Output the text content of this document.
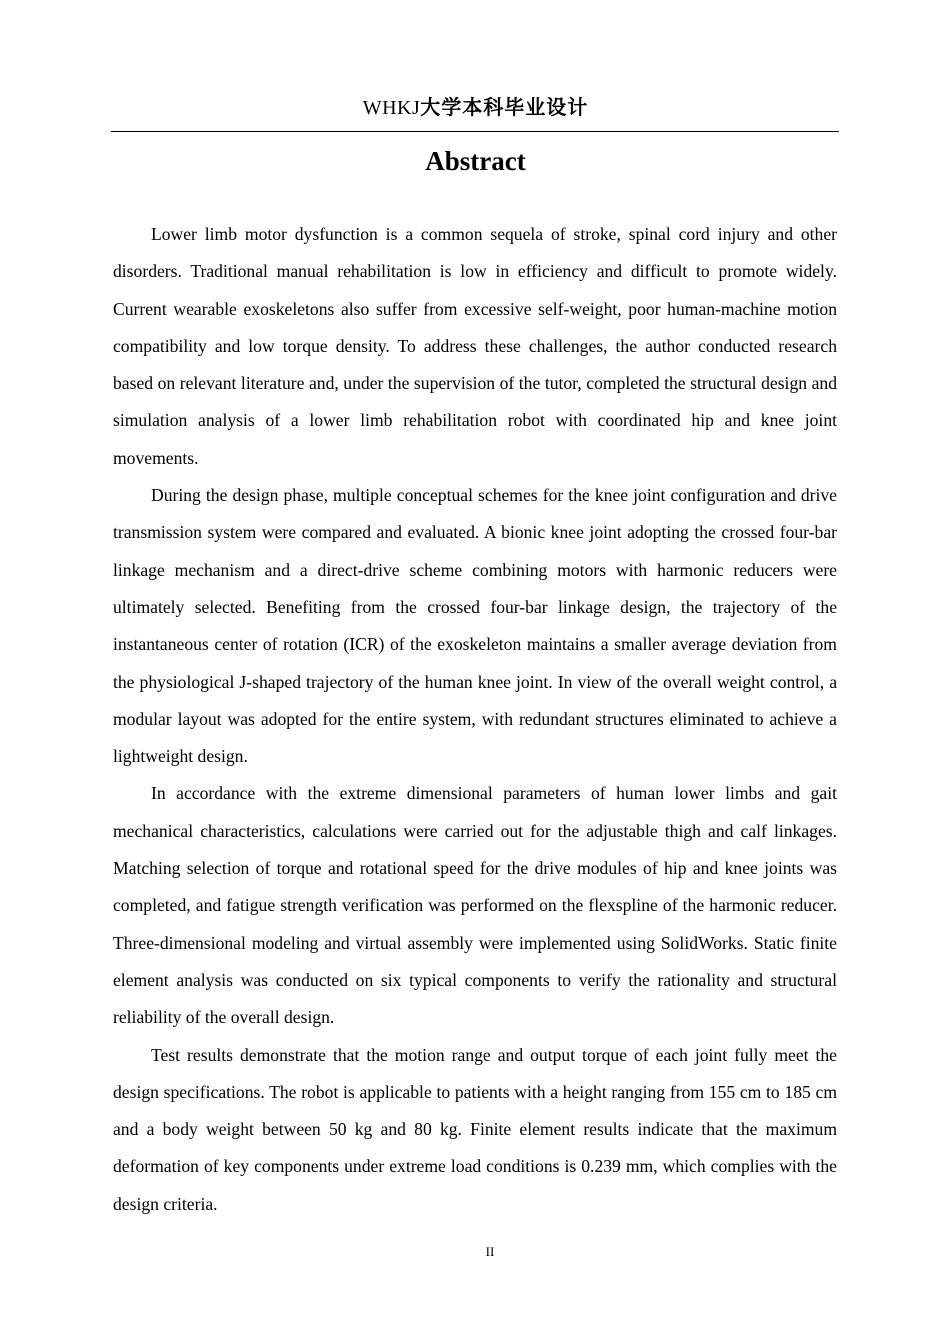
WHKJ大学本科毕业设计
Abstract

Lower limb motor dysfunction is a common sequela of stroke, spinal cord injury and other disorders. Traditional manual rehabilitation is low in efficiency and difficult to promote widely. Current wearable exoskeletons also suffer from excessive self-weight, poor human-machine motion compatibility and low torque density. To address these challenges, the author conducted research based on relevant literature and, under the supervision of the tutor, completed the structural design and simulation analysis of a lower limb rehabilitation robot with coordinated hip and knee joint movements.

During the design phase, multiple conceptual schemes for the knee joint configuration and drive transmission system were compared and evaluated. A bionic knee joint adopting the crossed four-bar linkage mechanism and a direct-drive scheme combining motors with harmonic reducers were ultimately selected. Benefiting from the crossed four-bar linkage design, the trajectory of the instantaneous center of rotation (ICR) of the exoskeleton maintains a smaller average deviation from the physiological J-shaped trajectory of the human knee joint. In view of the overall weight control, a modular layout was adopted for the entire system, with redundant structures eliminated to achieve a lightweight design.

In accordance with the extreme dimensional parameters of human lower limbs and gait mechanical characteristics, calculations were carried out for the adjustable thigh and calf linkages. Matching selection of torque and rotational speed for the drive modules of hip and knee joints was completed, and fatigue strength verification was performed on the flexspline of the harmonic reducer. Three-dimensional modeling and virtual assembly were implemented using SolidWorks. Static finite element analysis was conducted on six typical components to verify the rationality and structural reliability of the overall design.

Test results demonstrate that the motion range and output torque of each joint fully meet the design specifications. The robot is applicable to patients with a height ranging from 155 cm to 185 cm and a body weight between 50 kg and 80 kg. Finite element results indicate that the maximum deformation of key components under extreme load conditions is 0.239 mm, which complies with the design criteria.

II
